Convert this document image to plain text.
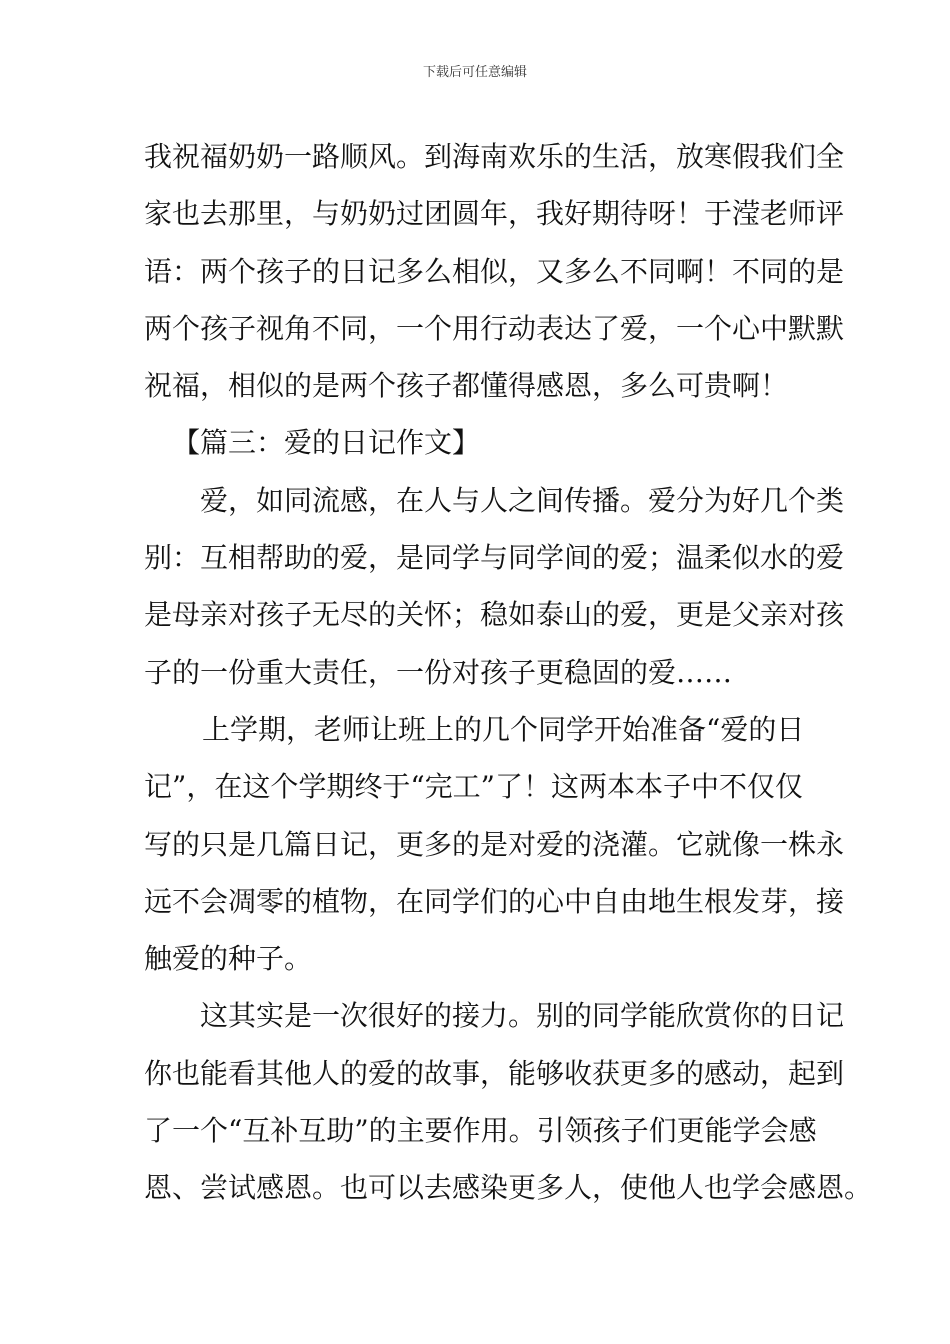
下载后可任意编辑
我祝福奶奶一路顺风。到海南欢乐的生活，放寒假我们全
家也去那里，与奶奶过团圆年，我好期待呀！于滢老师评
语：两个孩子的日记多么相似，又多么不同啊！不同的是
两个孩子视角不同，一个用行动表达了爱，一个心中默默
祝福，相似的是两个孩子都懂得感恩，多么可贵啊！
【篇三：爱的日记作文】
爱，如同流感，在人与人之间传播。爱分为好几个类
别：互相帮助的爱，是同学与同学间的爱；温柔似水的爱
是母亲对孩子无尽的关怀；稳如泰山的爱，更是父亲对孩
子的一份重大责任，一份对孩子更稳固的爱……
上学期，老师让班上的几个同学开始准备“爱的日
记”，在这个学期终于“完工”了！这两本本子中不仅仅
写的只是几篇日记，更多的是对爱的浇灌。它就像一株永
远不会凋零的植物，在同学们的心中自由地生根发芽，接
触爱的种子。
这其实是一次很好的接力。别的同学能欣赏你的日记
你也能看其他人的爱的故事，能够收获更多的感动，起到
了一个“互补互助”的主要作用。引领孩子们更能学会感
恩、尝试感恩。也可以去感染更多人，使他人也学会感恩。
